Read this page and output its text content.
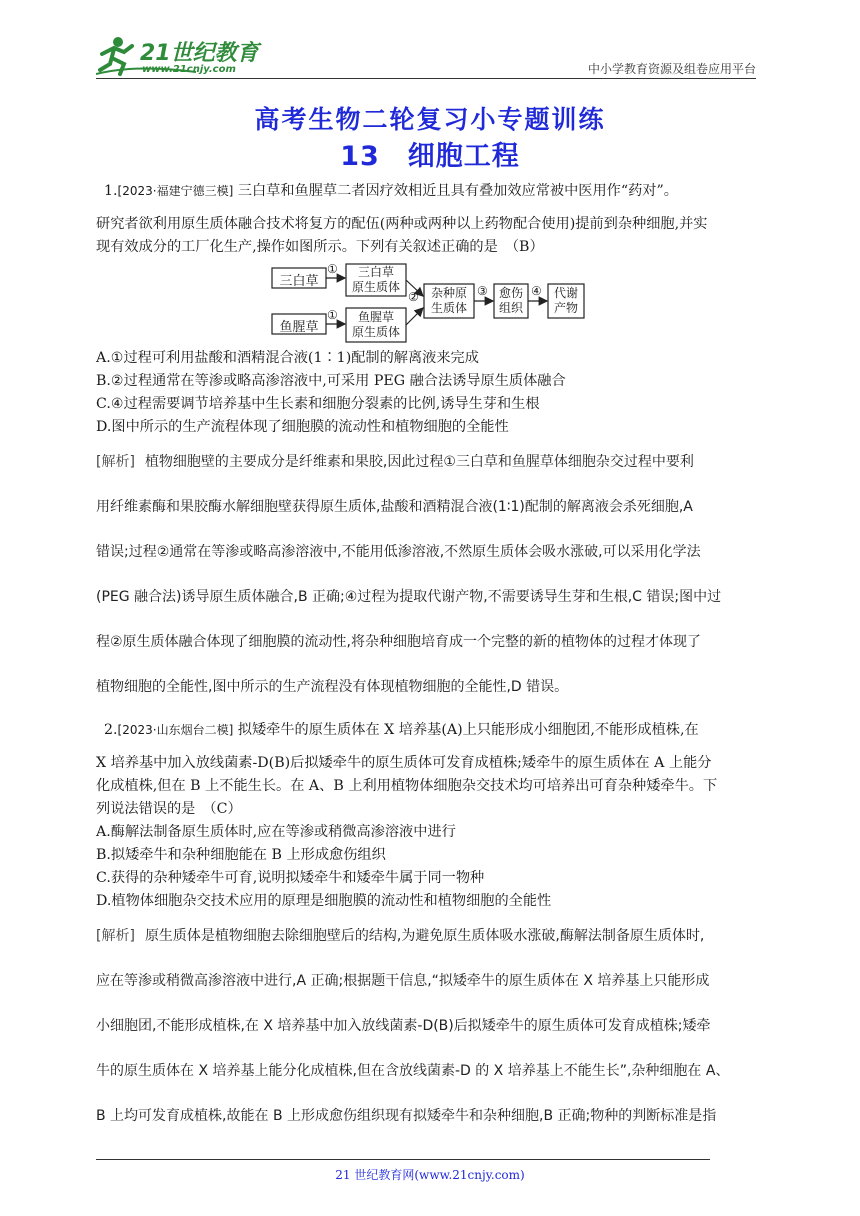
21世纪教育
www.21cnjy.com	中小学教育资源及组卷应用平台
高考生物二轮复习小专题训练
13　细胞工程
1.[2023·福建宁德三模] 三白草和鱼腥草二者因疗效相近且具有叠加效应常被中医用作“药对”。
研究者欲利用原生质体融合技术将复方的配伍(两种或两种以上药物配合使用)提前到杂种细胞,并实
现有效成分的工厂化生产,操作如图所示。下列有关叙述正确的是　（B）
三白草
鱼腥草
①
①
三白草
原生质体
鱼腥草
原生质体
②	杂种原
生质体
③ 愈伤
组织
④	代谢
产物
A.①过程可利用盐酸和酒精混合液(1∶1)配制的解离液来完成
B.②过程通常在等渗或略高渗溶液中,可采用 PEG 融合法诱导原生质体融合
C.④过程需要调节培养基中生长素和细胞分裂素的比例,诱导生芽和生根
D.图中所示的生产流程体现了细胞膜的流动性和植物细胞的全能性
[解析] 植物细胞壁的主要成分是纤维素和果胶,因此过程①三白草和鱼腥草体细胞杂交过程中要利
用纤维素酶和果胶酶水解细胞壁获得原生质体,盐酸和酒精混合液(1∶1)配制的解离液会杀死细胞,A
错误;过程②通常在等渗或略高渗溶液中,不能用低渗溶液,不然原生质体会吸水涨破,可以采用化学法
(PEG 融合法)诱导原生质体融合,B 正确;④过程为提取代谢产物,不需要诱导生芽和生根,C 错误;图中过
程②原生质体融合体现了细胞膜的流动性,将杂种细胞培育成一个完整的新的植物体的过程才体现了
植物细胞的全能性,图中所示的生产流程没有体现植物细胞的全能性,D 错误。
2.[2023·山东烟台二模] 拟矮牵牛的原生质体在 X 培养基(A)上只能形成小细胞团,不能形成植株,在
X 培养基中加入放线菌素-D(B)后拟矮牵牛的原生质体可发育成植株;矮牵牛的原生质体在 A 上能分
化成植株,但在 B 上不能生长。在 A、B 上利用植物体细胞杂交技术均可培养出可育杂种矮牵牛。下
列说法错误的是　（C）
A.酶解法制备原生质体时,应在等渗或稍微高渗溶液中进行
B.拟矮牵牛和杂种细胞能在 B 上形成愈伤组织
C.获得的杂种矮牵牛可育,说明拟矮牵牛和矮牵牛属于同一物种
D.植物体细胞杂交技术应用的原理是细胞膜的流动性和植物细胞的全能性
[解析] 原生质体是植物细胞去除细胞壁后的结构,为避免原生质体吸水涨破,酶解法制备原生质体时,
应在等渗或稍微高渗溶液中进行,A 正确;根据题干信息,“拟矮牵牛的原生质体在 X 培养基上只能形成
小细胞团,不能形成植株,在 X 培养基中加入放线菌素-D(B)后拟矮牵牛的原生质体可发育成植株;矮牵
牛的原生质体在 X 培养基上能分化成植株,但在含放线菌素-D 的 X 培养基上不能生长”,杂种细胞在 A、
B 上均可发育成植株,故能在 B 上形成愈伤组织现有拟矮牵牛和杂种细胞,B 正确;物种的判断标准是指
21 世纪教育网(www.21cnjy.com)
